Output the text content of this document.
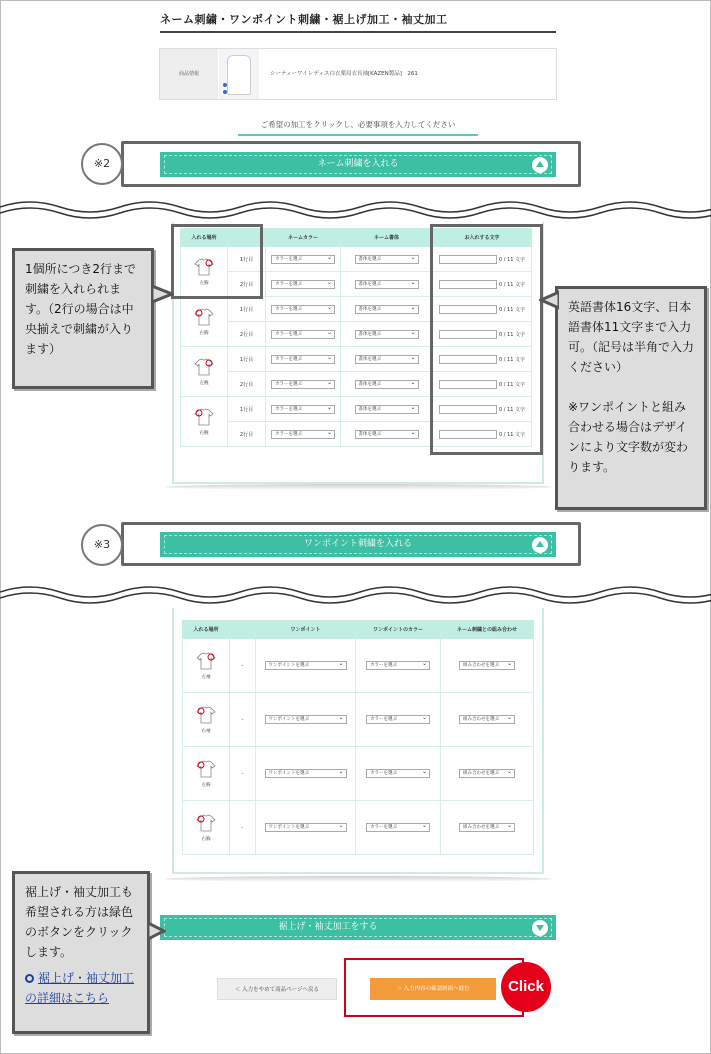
ネーム刺繍・ワンポイント刺繍・裾上げ加工・袖丈加工
商品情報	シーティーワイレディス白衣薬局衣長袖[KAZEN製品]　261
ご希望の加工をクリックし、必要事項を入力してください
※2	ネーム刺繍を入れる
入れる場所		ネームカラー	ネーム書体	お入れする文字

左胸	1行目	カラーを選ぶ ⌄	書体を選ぶ ⌄	0 / 11 文字
	2行目	カラーを選ぶ ⌄	書体を選ぶ ⌄	0 / 11 文字

右胸	1行目	カラーを選ぶ ⌄	書体を選ぶ ⌄	0 / 11 文字
	2行目	カラーを選ぶ ⌄	書体を選ぶ ⌄	0 / 11 文字

左腕	1行目	カラーを選ぶ ⌄	書体を選ぶ ⌄	0 / 11 文字
	2行目	カラーを選ぶ ⌄	書体を選ぶ ⌄	0 / 11 文字

右腕	1行目	カラーを選ぶ ⌄	書体を選ぶ ⌄	0 / 11 文字
	2行目	カラーを選ぶ ⌄	書体を選ぶ ⌄	0 / 11 文字
1個所につき2行まで刺繍を入れられます。（2行の場合は中央揃えで刺繍が入ります）
英語書体16文字、日本語書体11文字まで入力可。（記号は半角で入力ください）
※ワンポイントと組み合わせる場合はデザインにより文字数が変わります。
※3	ワンポイント刺繍を入れる
入れる場所		ワンポイント	ワンポイントのカラー	ネーム刺繍との組み合わせ

左袖	-	ワンポイントを選ぶ ⌄	カラーを選ぶ ⌄	組み合わせを選ぶ ⌄

右袖	-	ワンポイントを選ぶ ⌄	カラーを選ぶ ⌄	組み合わせを選ぶ ⌄

左胸	-	ワンポイントを選ぶ ⌄	カラーを選ぶ ⌄	組み合わせを選ぶ ⌄

右胸	-	ワンポイントを選ぶ ⌄	カラーを選ぶ ⌄	組み合わせを選ぶ ⌄
裾上げ・袖丈加工をする	※ネーム刺繍またはワンポイント刺繍のみご希望の方は入力不要です。
裾上げ・袖丈加工も希望される方は緑色のボタンをクリックします。
裾上げ・袖丈加工の詳細はこちら
＜ 入力をやめて商品ページへ戻る	＞ 入力内容の確認画面へ進む	Click
